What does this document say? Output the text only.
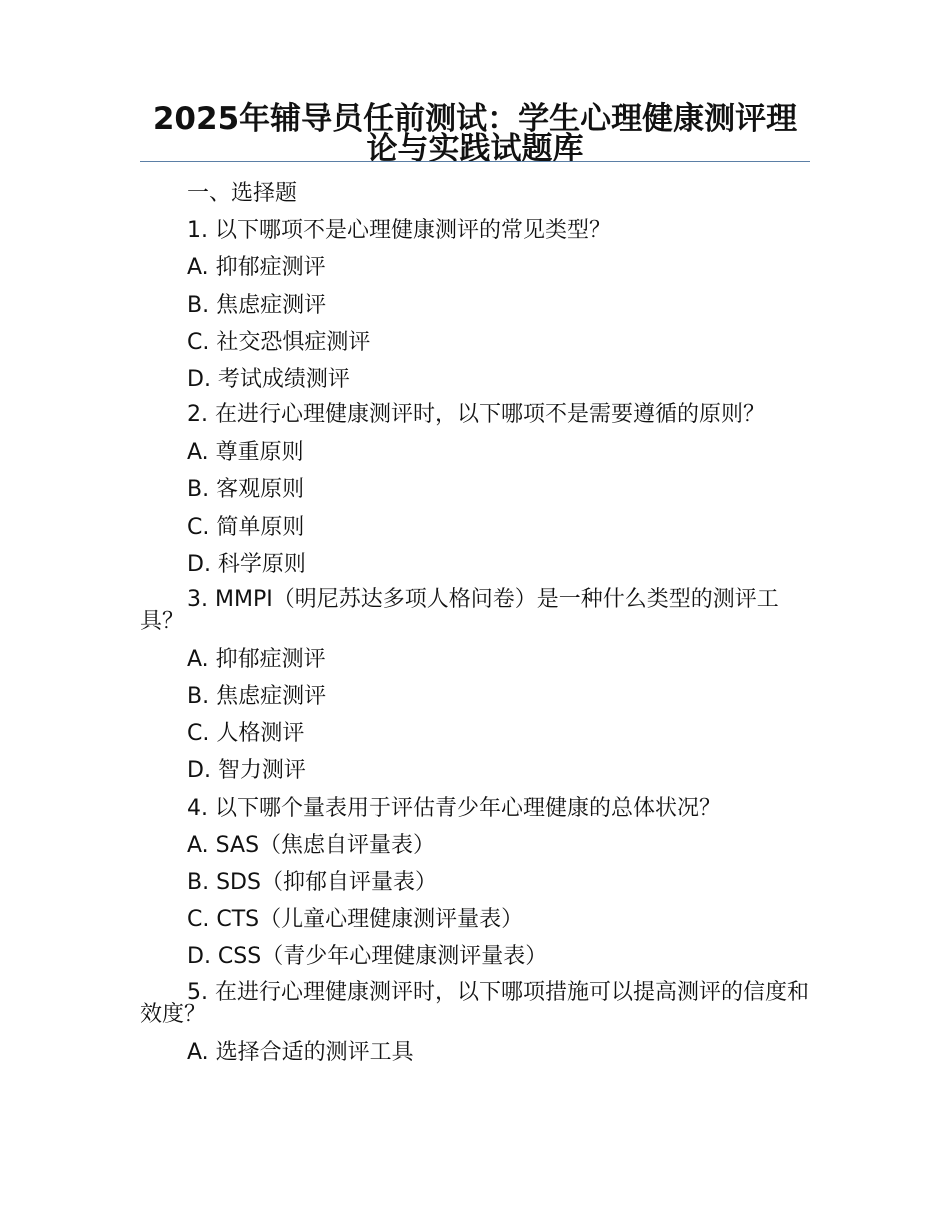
2025年辅导员任前测试：学生心理健康测评理论与实践试题库

一、选择题

1. 以下哪项不是心理健康测评的常见类型？

A. 抑郁症测评

B. 焦虑症测评

C. 社交恐惧症测评

D. 考试成绩测评

2. 在进行心理健康测评时，以下哪项不是需要遵循的原则？

A. 尊重原则

B. 客观原则

C. 简单原则

D. 科学原则

3. MMPI（明尼苏达多项人格问卷）是一种什么类型的测评工具？

A. 抑郁症测评

B. 焦虑症测评

C. 人格测评

D. 智力测评

4. 以下哪个量表用于评估青少年心理健康的总体状况？

A. SAS（焦虑自评量表）

B. SDS（抑郁自评量表）

C. CTS（儿童心理健康测评量表）

D. CSS（青少年心理健康测评量表）

5. 在进行心理健康测评时，以下哪项措施可以提高测评的信度和效度？

A. 选择合适的测评工具
